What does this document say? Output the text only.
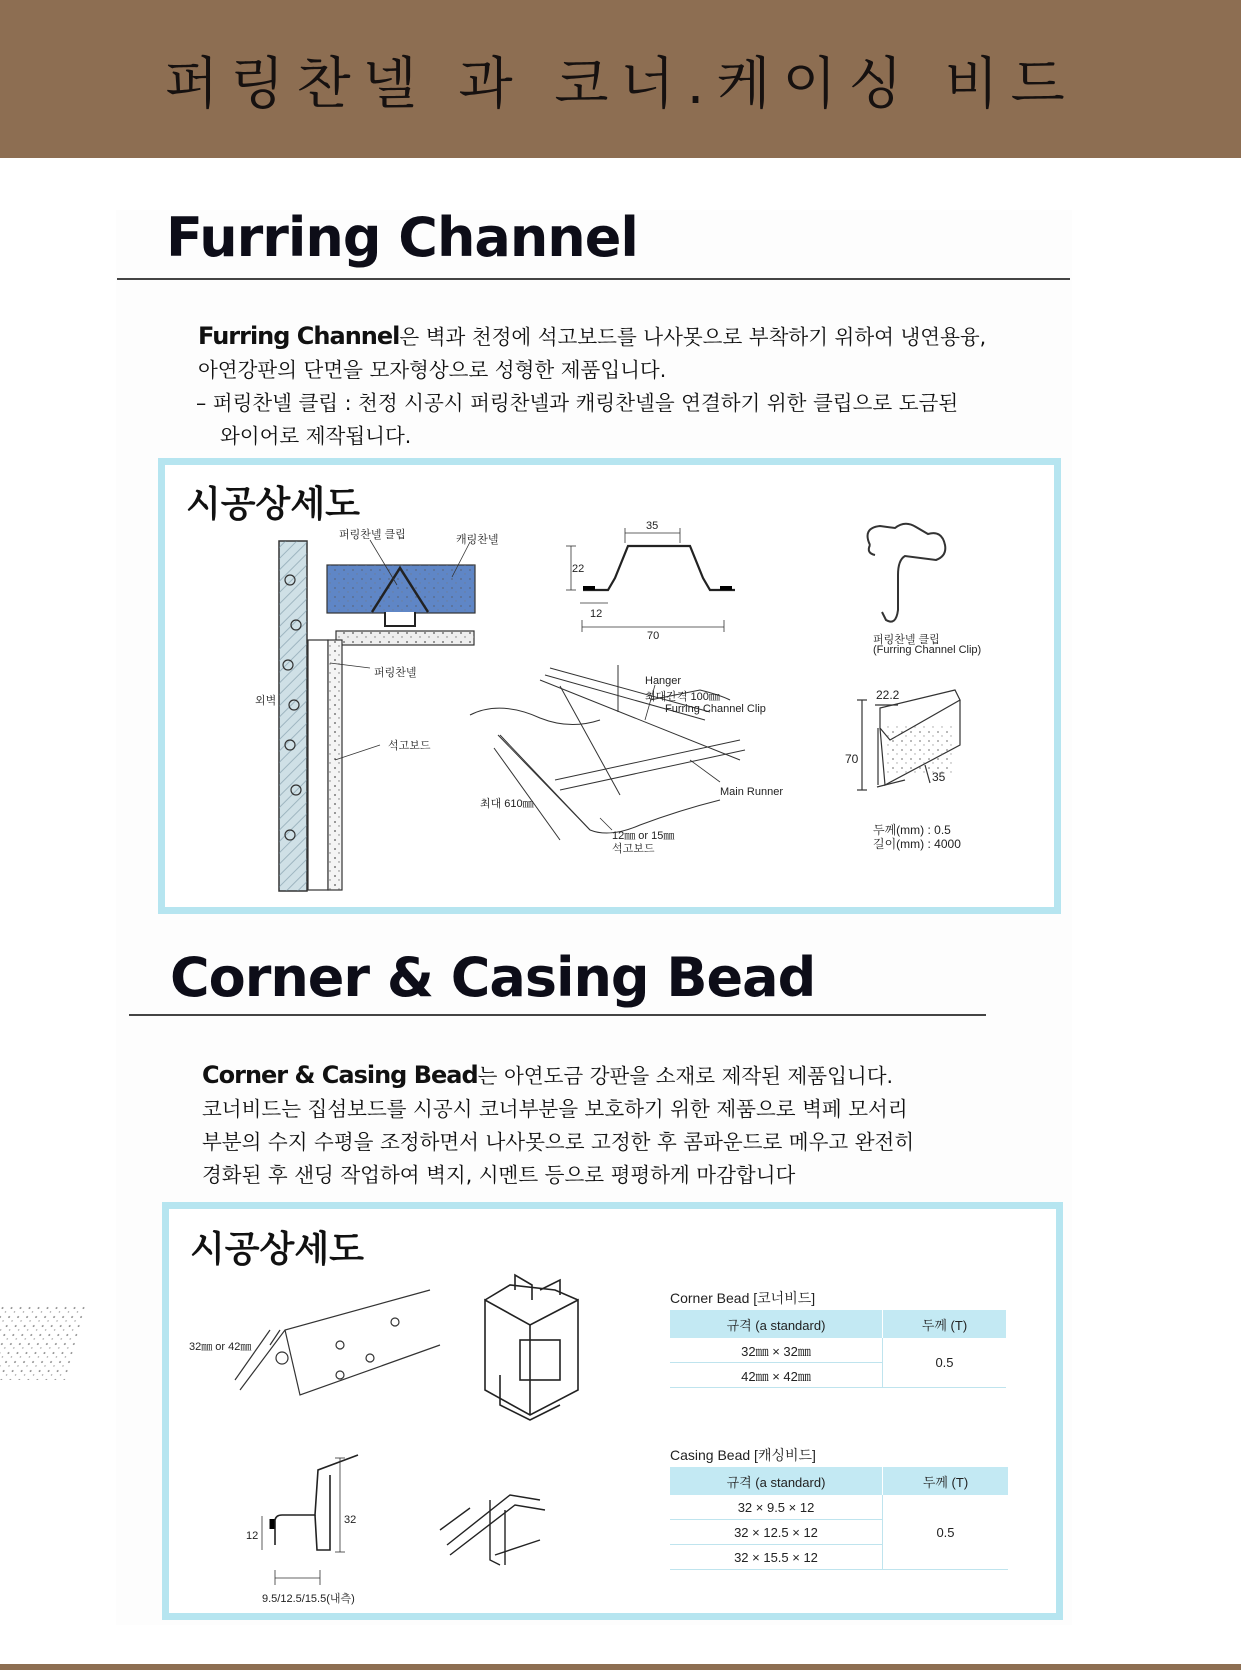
퍼링찬넬 과 코너.케이싱 비드
Furring Channel
Furring Channel은 벽과 천정에 석고보드를 나사못으로 부착하기 위하여 냉연용융,
아연강판의 단면을 모자형상으로 성형한 제품입니다.
– 퍼링찬넬 클립 : 천정 시공시 퍼링찬넬과 캐링찬넬을 연결하기 위한 클립으로 도금된
와이어로 제작됩니다.
시공상세도
퍼링찬넬 클립	캐링찬넬
퍼링찬넬
외벽
석고보드
35
22
12
70	퍼링찬넬 클립
(Furring Channel Clip)
Hanger
최대간격 100㎜
Furring Channel Clip
Main Runner
최대 610㎜
12㎜ or 15㎜
석고보드
22.2
70
35
두께(mm) : 0.5
길이(mm) : 4000
Corner & Casing Bead
Corner & Casing Bead는 아연도금 강판을 소재로 제작된 제품입니다.
코너비드는 집섬보드를 시공시 코너부분을 보호하기 위한 제품으로 벽페 모서리
부분의 수지 수평을 조정하면서 나사못으로 고정한 후 콤파운드로 메우고 완전히
경화된 후 샌딩 작업하여 벽지, 시멘트 등으로 평평하게 마감합니다
시공상세도
32㎜ or 42㎜
32
12
9.5/12.5/15.5(내측)
Corner Bead [코너비드]
규격 (a standard)	두께 (T)
32㎜ × 32㎜	0.5
42㎜ × 42㎜	
Casing Bead [캐싱비드]
규격 (a standard)	두께 (T)
32 × 9.5 × 12	0.5
32 × 12.5 × 12	
32 × 15.5 × 12	
